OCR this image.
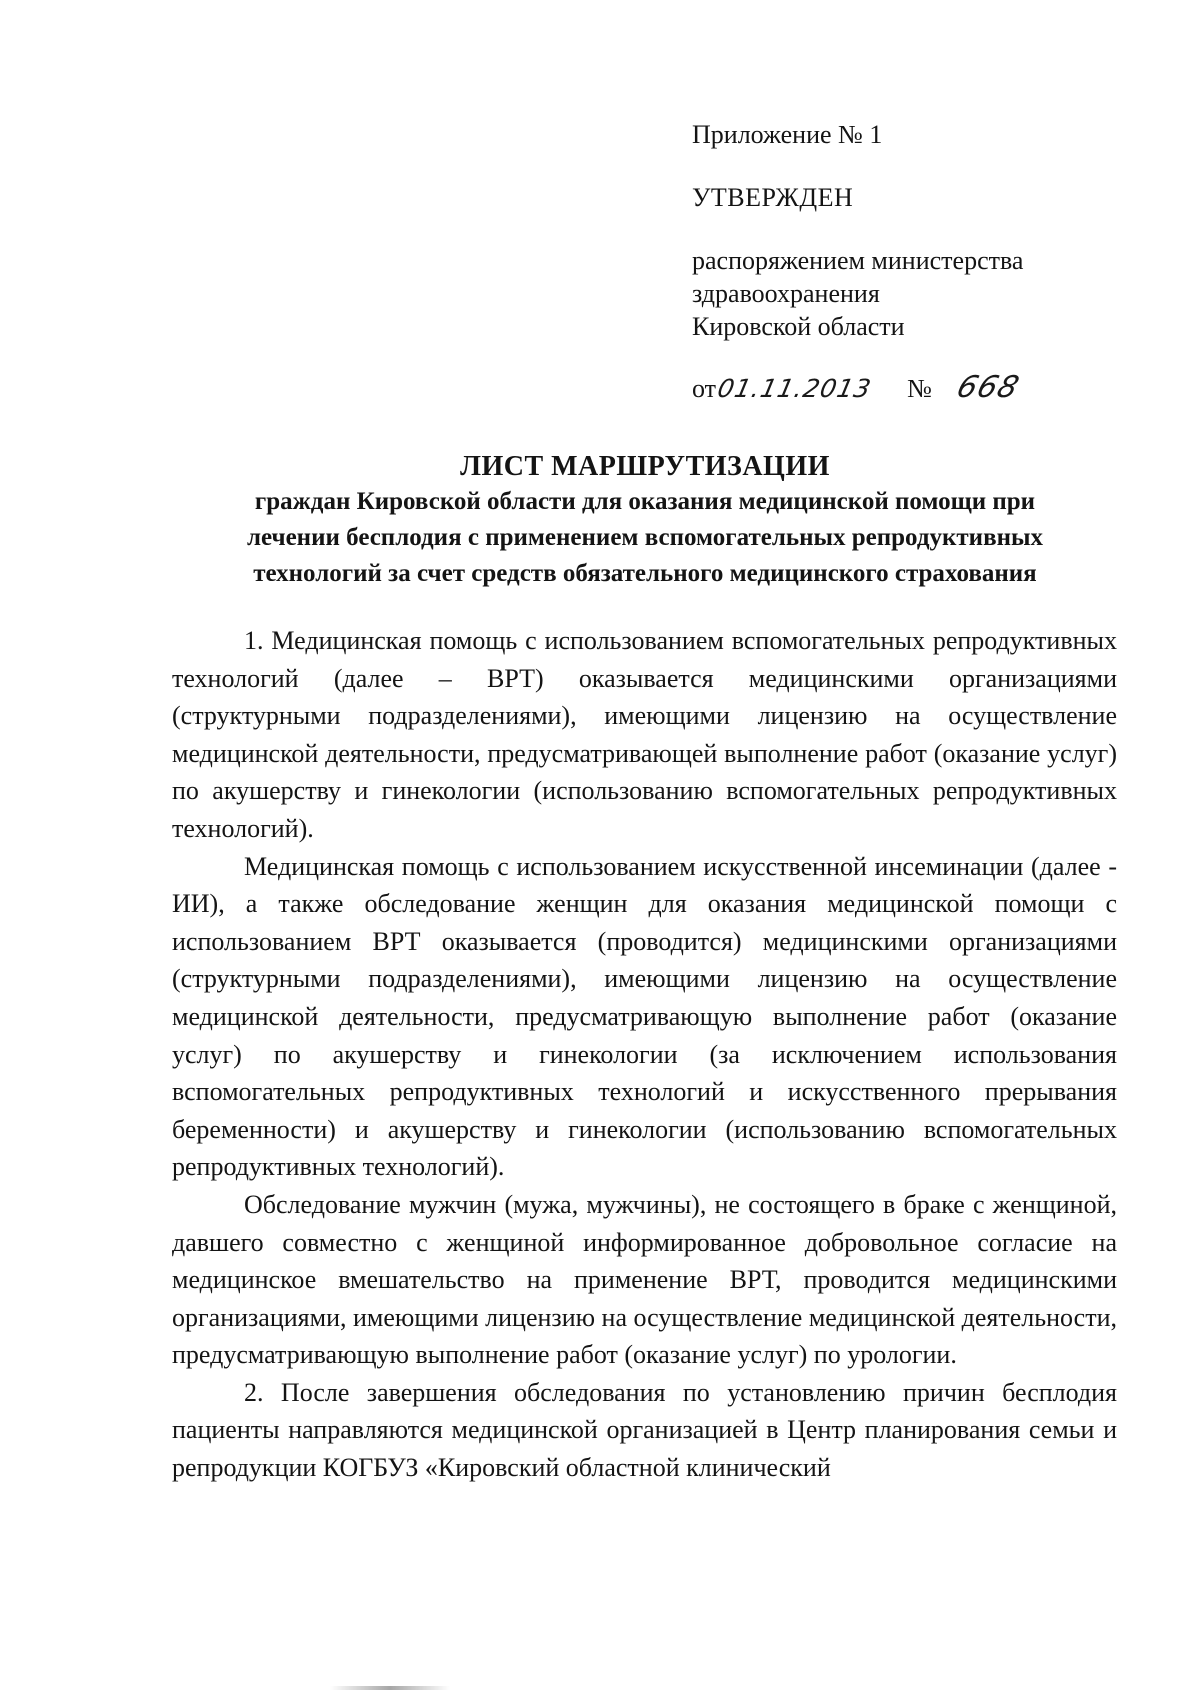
Приложение № 1
УТВЕРЖДЕН
распоряжением министерства
здравоохранения
Кировской области
от
01.11.2013 № 668
ЛИСТ МАРШРУТИЗАЦИИ
граждан Кировской области для оказания медицинской помощи при
лечении бесплодия с применением вспомогательных репродуктивных
технологий за счет средств обязательного медицинского страхования

1. Медицинская помощь с использованием вспомогательных репродуктивных технологий (далее – ВРТ) оказывается медицинскими организациями (структурными подразделениями), имеющими лицензию на осуществление медицинской деятельности, предусматривающей выполнение работ (оказание услуг) по акушерству и гинекологии (использованию вспомогательных репродуктивных технологий).

Медицинская помощь с использованием искусственной инсеминации (далее - ИИ), а также обследование женщин для оказания медицинской помощи с использованием ВРТ оказывается (проводится) медицинскими организациями (структурными подразделениями), имеющими лицензию на осуществление медицинской деятельности, предусматривающую выполнение работ (оказание услуг) по акушерству и гинекологии (за исключением использования вспомогательных репродуктивных технологий и искусственного прерывания беременности) и акушерству и гинекологии (использованию вспомогательных репродуктивных технологий).

Обследование мужчин (мужа, мужчины), не состоящего в браке с женщиной, давшего совместно с женщиной информированное добровольное согласие на медицинское вмешательство на применение ВРТ, проводится медицинскими организациями, имеющими лицензию на осуществление медицинской деятельности, предусматривающую выполнение работ (оказание услуг) по урологии.

2. После завершения обследования по установлению причин бесплодия пациенты направляются медицинской организацией в Центр планирования семьи и репродукции КОГБУЗ «Кировский областной клинический
